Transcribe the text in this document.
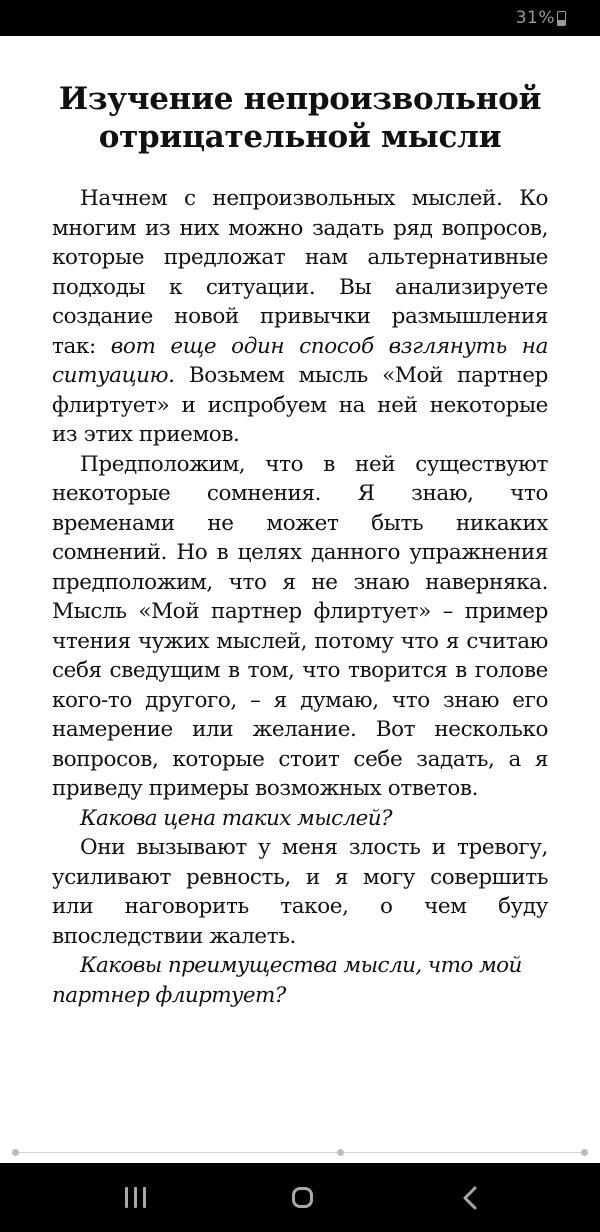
31%
Изучение непроизвольной отрицательной мысли

Начнем с непроизвольных мыслей. Ко многим из них можно задать ряд вопросов, которые предложат нам альтернативные подходы к ситуации. Вы анализируете создание новой привычки размышления так: вот еще один способ взглянуть на ситуацию. Возьмем мысль «Мой партнер флиртует» и испробуем на ней некоторые из этих приемов.

Предположим, что в ней существуют некоторые сомнения. Я знаю, что временами не может быть никаких сомнений. Но в целях данного упражнения предположим, что я не знаю наверняка. Мысль «Мой партнер флиртует» – пример чтения чужих мыслей, потому что я считаю себя сведущим в том, что творится в голове кого-то другого, – я думаю, что знаю его намерение или желание. Вот несколько вопросов, которые стоит себе задать, а я приведу примеры возможных ответов.

Какова цена таких мыслей?

Они вызывают у меня злость и тревогу, усиливают ревность, и я могу совершить или наговорить такое, о чем буду впоследствии жалеть.

Каковы преимущества мысли, что мой партнер флиртует?
